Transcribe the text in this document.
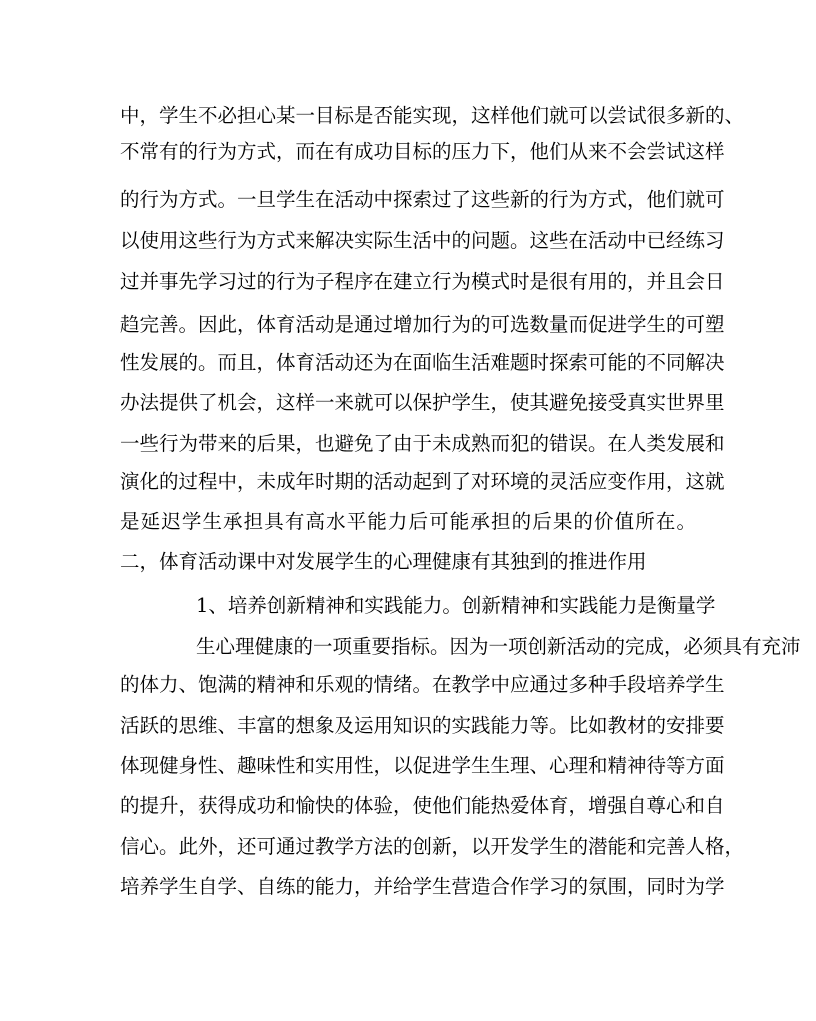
中，学生不必担心某一目标是否能实现，这样他们就可以尝试很多新的、
不常有的行为方式，而在有成功目标的压力下，他们从来不会尝试这样
的行为方式。一旦学生在活动中探索过了这些新的行为方式，他们就可
以使用这些行为方式来解决实际生活中的问题。这些在活动中已经练习
过并事先学习过的行为子程序在建立行为模式时是很有用的，并且会日
趋完善。因此，体育活动是通过增加行为的可选数量而促进学生的可塑
性发展的。而且，体育活动还为在面临生活难题时探索可能的不同解决
办法提供了机会，这样一来就可以保护学生，使其避免接受真实世界里
一些行为带来的后果，也避免了由于未成熟而犯的错误。在人类发展和
演化的过程中，未成年时期的活动起到了对环境的灵活应变作用，这就
是延迟学生承担具有高水平能力后可能承担的后果的价值所在。
二，体育活动课中对发展学生的心理健康有其独到的推进作用
1、培养创新精神和实践能力。创新精神和实践能力是衡量学
生心理健康的一项重要指标。因为一项创新活动的完成，必须具有充沛
的体力、饱满的精神和乐观的情绪。在教学中应通过多种手段培养学生
活跃的思维、丰富的想象及运用知识的实践能力等。比如教材的安排要
体现健身性、趣味性和实用性，以促进学生生理、心理和精神待等方面
的提升，获得成功和愉快的体验，使他们能热爱体育，增强自尊心和自
信心。此外，还可通过教学方法的创新，以开发学生的潜能和完善人格，
培养学生自学、自练的能力，并给学生营造合作学习的氛围，同时为学
